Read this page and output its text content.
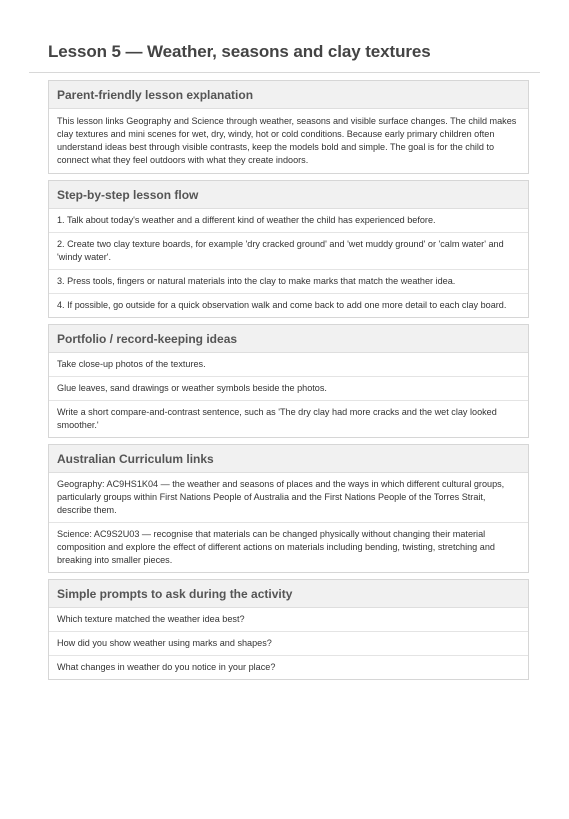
Lesson 5 — Weather, seasons and clay textures
Parent-friendly lesson explanation
This lesson links Geography and Science through weather, seasons and visible surface changes. The child makes clay textures and mini scenes for wet, dry, windy, hot or cold conditions. Because early primary children often understand ideas best through visible contrasts, keep the models bold and simple. The goal is for the child to connect what they feel outdoors with what they create indoors.
Step-by-step lesson flow
1. Talk about today's weather and a different kind of weather the child has experienced before.
2. Create two clay texture boards, for example 'dry cracked ground' and 'wet muddy ground' or 'calm water' and 'windy water'.
3. Press tools, fingers or natural materials into the clay to make marks that match the weather idea.
4. If possible, go outside for a quick observation walk and come back to add one more detail to each clay board.
Portfolio / record-keeping ideas
Take close-up photos of the textures.
Glue leaves, sand drawings or weather symbols beside the photos.
Write a short compare-and-contrast sentence, such as 'The dry clay had more cracks and the wet clay looked smoother.'
Australian Curriculum links
Geography: AC9HS1K04 — the weather and seasons of places and the ways in which different cultural groups, particularly groups within First Nations People of Australia and the First Nations People of the Torres Strait, describe them.
Science: AC9S2U03 — recognise that materials can be changed physically without changing their material composition and explore the effect of different actions on materials including bending, twisting, stretching and breaking into smaller pieces.
Simple prompts to ask during the activity
Which texture matched the weather idea best?
How did you show weather using marks and shapes?
What changes in weather do you notice in your place?
